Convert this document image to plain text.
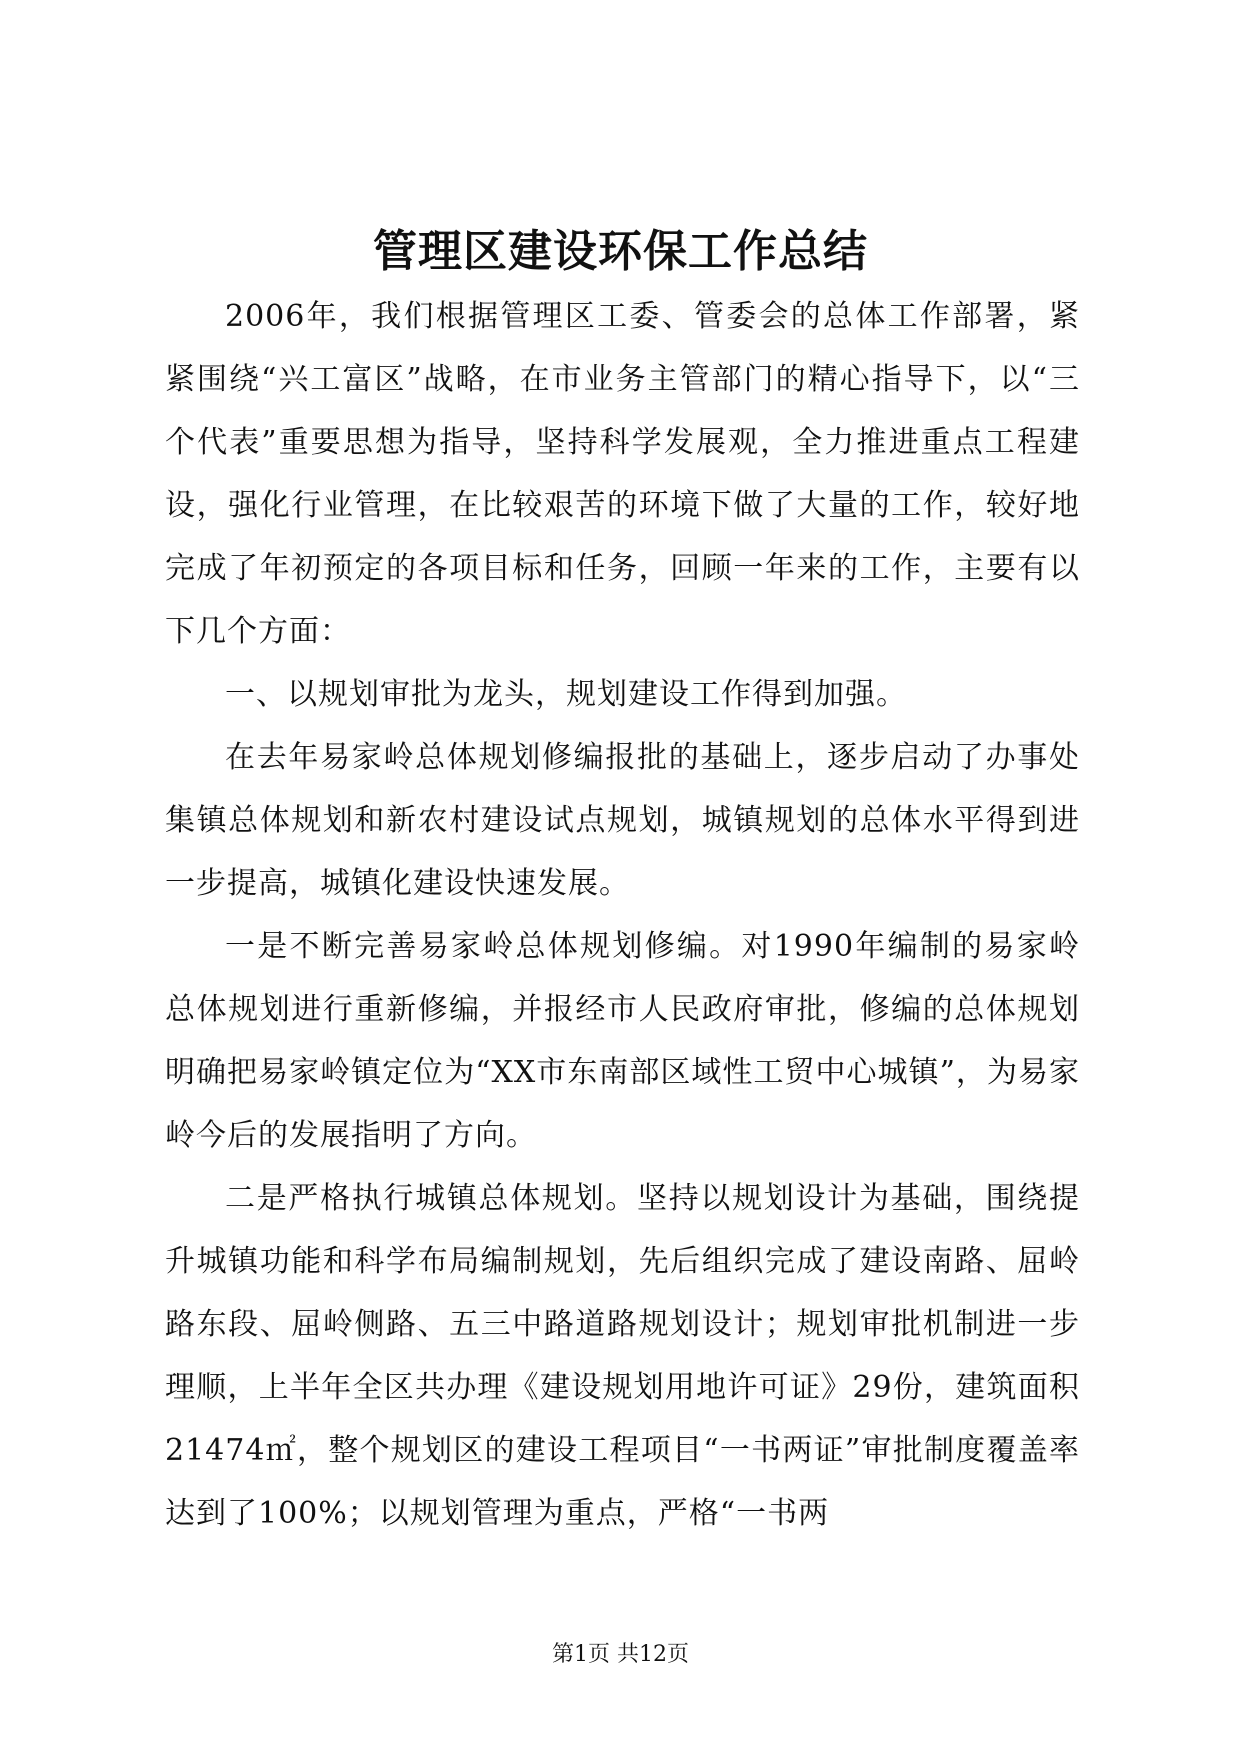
管理区建设环保工作总结

2006年，我们根据管理区工委、管委会的总体工作部署，紧紧围绕“兴工富区”战略，在市业务主管部门的精心指导下，以“三个代表”重要思想为指导，坚持科学发展观，全力推进重点工程建设，强化行业管理，在比较艰苦的环境下做了大量的工作，较好地完成了年初预定的各项目标和任务，回顾一年来的工作，主要有以下几个方面：

一、以规划审批为龙头，规划建设工作得到加强。

在去年易家岭总体规划修编报批的基础上，逐步启动了办事处集镇总体规划和新农村建设试点规划，城镇规划的总体水平得到进一步提高，城镇化建设快速发展。

一是不断完善易家岭总体规划修编。对1990年编制的易家岭总体规划进行重新修编，并报经市人民政府审批，修编的总体规划明确把易家岭镇定位为“XX市东南部区域性工贸中心城镇”，为易家岭今后的发展指明了方向。

二是严格执行城镇总体规划。坚持以规划设计为基础，围绕提升城镇功能和科学布局编制规划，先后组织完成了建设南路、屈岭路东段、屈岭侧路、五三中路道路规划设计；规划审批机制进一步理顺，上半年全区共办理《建设规划用地许可证》29份，建筑面积21474㎡，整个规划区的建设工程项目“一书两证”审批制度覆盖率达到了100%；以规划管理为重点，严格“一书两

第1页 共12页
